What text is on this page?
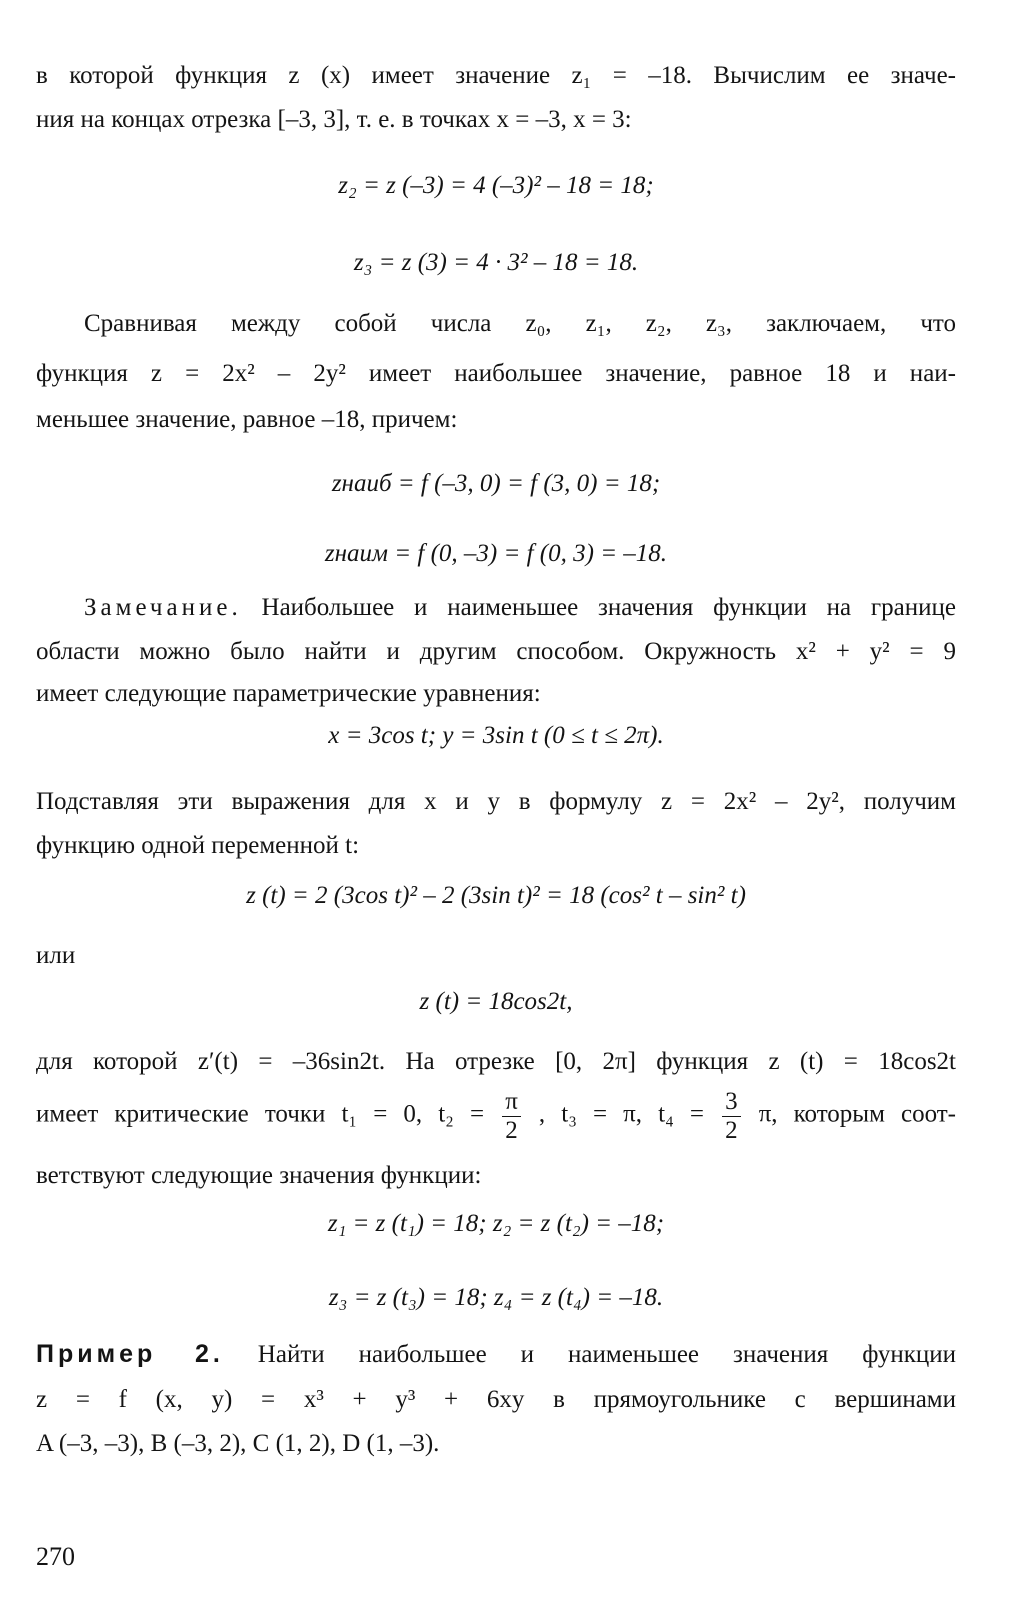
в которой функция z (x) имеет значение z₁ = –18. Вычислим ее значе-

ния на концах отрезка [–3, 3], т. е. в точках x = –3, x = 3:

z₂ = z (–3) = 4 (–3)² – 18 = 18;

z₃ = z (3) = 4 · 3² – 18 = 18.

Сравнивая между собой числа z₀, z₁, z₂, z₃, заключаем, что

функция z = 2x² – 2y² имеет наибольшее значение, равное 18 и наи-

меньшее значение, равное –18, причем:

zнаиб = f (–3, 0) = f (3, 0) = 18;

zнаим = f (0, –3) = f (0, 3) = –18.

Замечание. Наибольшее и наименьшее значения функции на границе

области можно было найти и другим способом. Окружность x² + y² = 9

имеет следующие параметрические уравнения:

x = 3cos t; y = 3sin t (0 ≤ t ≤ 2π).

Подставляя эти выражения для x и y в формулу z = 2x² – 2y², получим

функцию одной переменной t:

z (t) = 2 (3cos t)² – 2 (3sin t)² = 18 (cos² t – sin² t)

или

z (t) = 18cos2t,

для которой z′(t) = –36sin2t. На отрезке [0, 2π] функция z (t) = 18cos2t

имеет критические точки t₁ = 0, $t_2 = \frac{\pi}{2}$ , t₃ = π, $t_4 = \frac{3}{2} \pi$, которым соот-

ветствуют следующие значения функции:

z₁ = z (t₁) = 18; z₂ = z (t₂) = –18;

z₃ = z (t₃) = 18; z₄ = z (t₄) = –18.

Пример 2. Найти наибольшее и наименьшее значения функции

z = f (x, y) = x³ + y³ + 6xy в прямоугольнике с вершинами

A (–3, –3), B (–3, 2), C (1, 2), D (1, –3).

270
